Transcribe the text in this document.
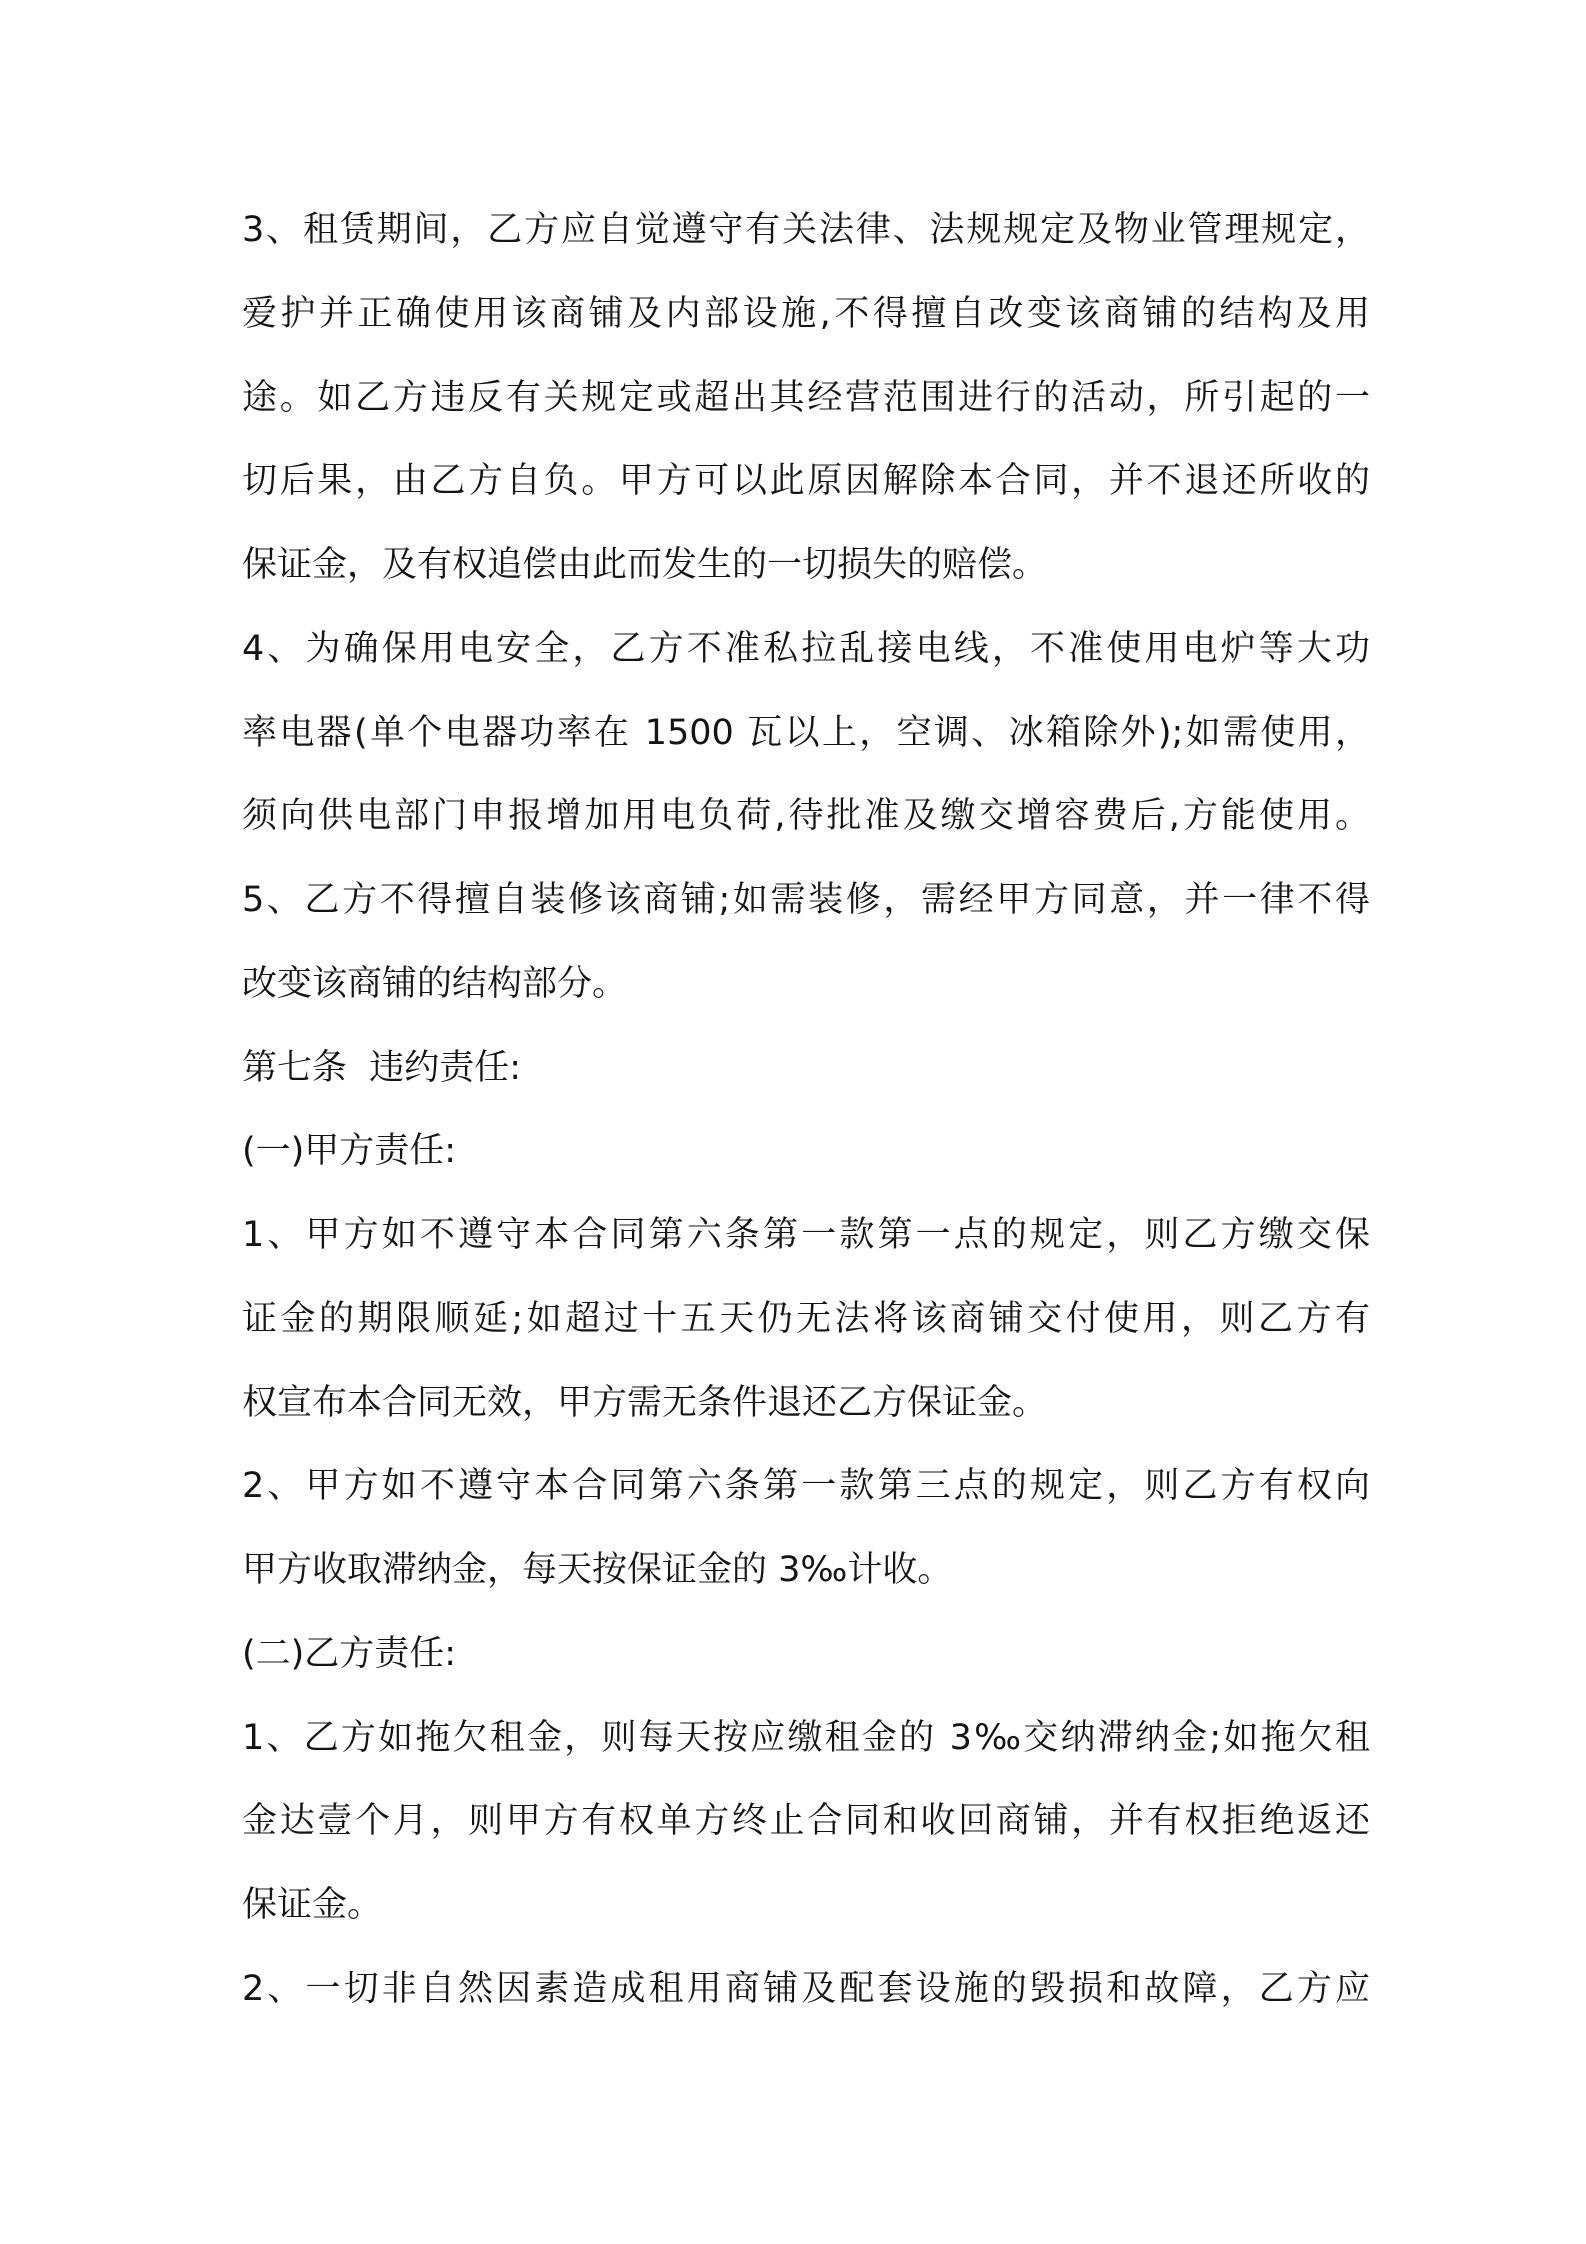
3、租赁期间，乙方应自觉遵守有关法律、法规规定及物业管理规定，
爱护并正确使用该商铺及内部设施,不得擅自改变该商铺的结构及用
途。如乙方违反有关规定或超出其经营范围进行的活动，所引起的一
切后果，由乙方自负。甲方可以此原因解除本合同，并不退还所收的
保证金，及有权追偿由此而发生的一切损失的赔偿。
4、为确保用电安全，乙方不准私拉乱接电线，不准使用电炉等大功
率电器(单个电器功率在 1500 瓦以上，空调、冰箱除外);如需使用，
须向供电部门申报增加用电负荷,待批准及缴交增容费后,方能使用。
5、乙方不得擅自装修该商铺;如需装修，需经甲方同意，并一律不得
改变该商铺的结构部分。
第七条  违约责任:
(一)甲方责任:
1、甲方如不遵守本合同第六条第一款第一点的规定，则乙方缴交保
证金的期限顺延;如超过十五天仍无法将该商铺交付使用，则乙方有
权宣布本合同无效，甲方需无条件退还乙方保证金。
2、甲方如不遵守本合同第六条第一款第三点的规定，则乙方有权向
甲方收取滞纳金，每天按保证金的 3‰计收。
(二)乙方责任:
1、乙方如拖欠租金，则每天按应缴租金的 3‰交纳滞纳金;如拖欠租
金达壹个月，则甲方有权单方终止合同和收回商铺，并有权拒绝返还
保证金。
2、一切非自然因素造成租用商铺及配套设施的毁损和故障，乙方应
